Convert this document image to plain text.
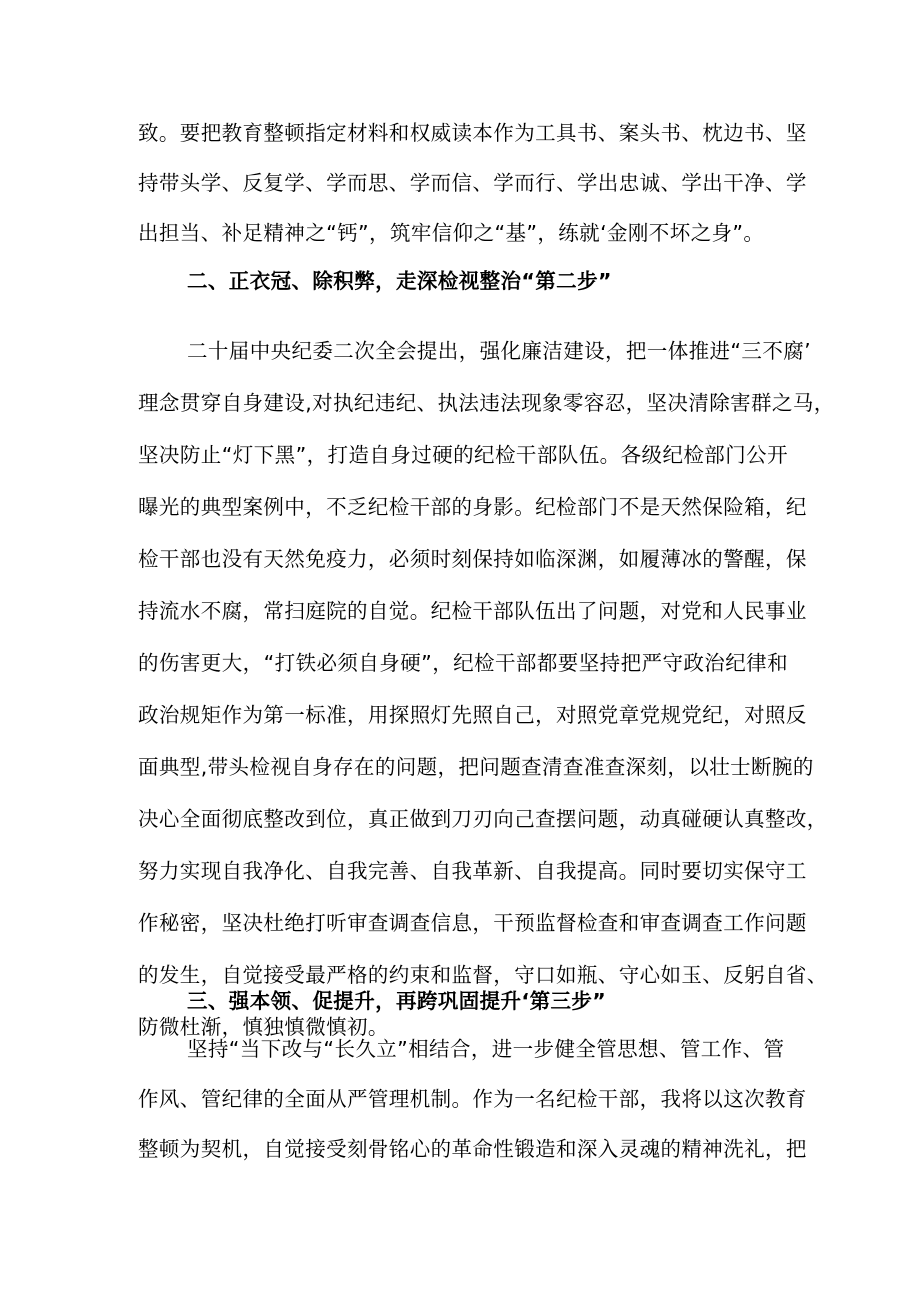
致。要把教育整顿指定材料和权威读本作为工具书、案头书、枕边书、坚
持带头学、反复学、学而思、学而信、学而行、学出忠诚、学出干净、学
出担当、补足精神之“钙”，筑牢信仰之“基”，练就‘金刚不坏之身”。
二、正衣冠、除积弊，走深检视整治“第二步”
二十届中央纪委二次全会提出，强化廉洁建设，把一体推进“三不腐’
理念贯穿自身建设,对执纪违纪、执法违法现象零容忍，坚决清除害群之马，
坚决防止“灯下黑”，打造自身过硬的纪检干部队伍。各级纪检部门公开
曝光的典型案例中，不乏纪检干部的身影。纪检部门不是天然保险箱，纪
检干部也没有天然免疫力，必须时刻保持如临深渊，如履薄冰的警醒，保
持流水不腐，常扫庭院的自觉。纪检干部队伍出了问题，对党和人民事业
的伤害更大，“打铁必须自身硬”，纪检干部都要坚持把严守政治纪律和
政治规矩作为第一标准，用探照灯先照自己，对照党章党规党纪，对照反
面典型,带头检视自身存在的问题，把问题查清查准查深刻，以壮士断腕的
决心全面彻底整改到位，真正做到刀刃向己查摆问题，动真碰硬认真整改，
努力实现自我净化、自我完善、自我革新、自我提高。同时要切实保守工
作秘密，坚决杜绝打听审查调查信息，干预监督检查和审查调查工作问题
的发生，自觉接受最严格的约束和监督，守口如瓶、守心如玉、反躬自省、
防微杜渐，慎独慎微慎初。
三、强本领、促提升，再跨巩固提升‘第三步”
坚持“当下改与“长久立”相结合，进一步健全管思想、管工作、管
作风、管纪律的全面从严管理机制。作为一名纪检干部，我将以这次教育
整顿为契机，自觉接受刻骨铭心的革命性锻造和深入灵魂的精神洗礼，把
